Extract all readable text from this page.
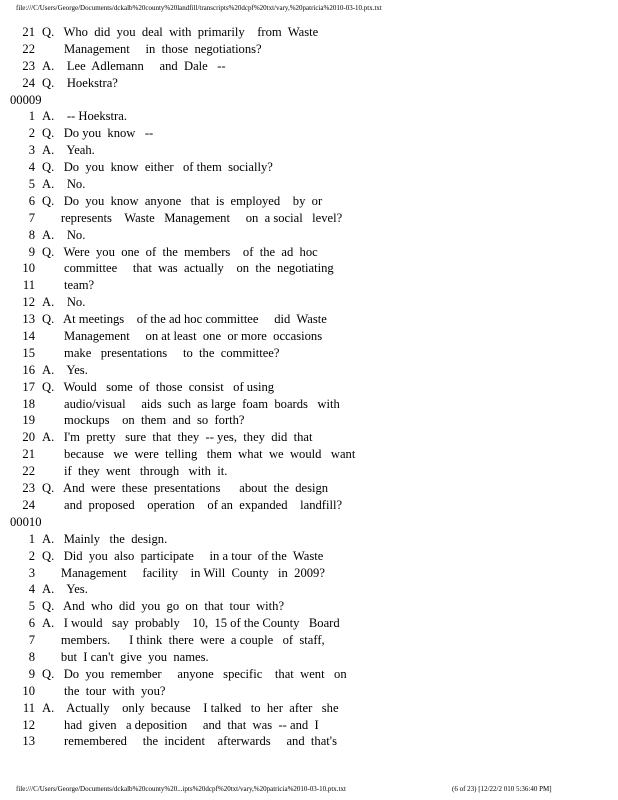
file:///C/Users/George/Documents/dckalb%20county%20landfill/transcripts%20dcpf%20txt/vary,%20patricia%2010-03-10.ptx.txt
21 Q.   Who  did  you  deal  with  primarily    from  Waste
22 Management     in  those  negotiations?
23 A.    Lee  Adlemann     and  Dale   --
24 Q.    Hoekstra?
00009
1 A.    -- Hoekstra.
2 Q.   Do you  know   --
3 A.    Yeah.
4 Q.   Do  you  know  either   of them  socially?
5 A.    No.
6 Q.   Do  you  know  anyone   that  is  employed    by  or
7 represents    Waste   Management     on  a social   level?
8 A.    No.
9 Q.   Were  you  one  of  the  members    of  the  ad  hoc
10 committee     that  was  actually    on  the  negotiating
11 team?
12 A.    No.
13 Q.   At meetings    of the ad hoc committee     did  Waste
14 Management     on at least  one  or more  occasions
15 make   presentations     to  the  committee?
16 A.    Yes.
17 Q.   Would   some  of  those  consist   of using
18 audio/visual     aids  such  as large  foam  boards   with
19 mockups    on  them  and  so  forth?
20 A.   I'm  pretty   sure  that  they  -- yes,  they  did  that
21 because   we  were  telling   them  what  we  would   want
22 if  they  went   through   with  it.
23 Q.   And  were  these  presentations      about  the  design
24 and  proposed    operation    of an  expanded    landfill?
00010
1 A.   Mainly   the  design.
2 Q.   Did  you  also  participate     in a tour  of the  Waste
3 Management     facility    in Will  County   in  2009?
4 A.    Yes.
5 Q.   And  who  did  you  go  on  that  tour  with?
6 A.   I would   say  probably    10,  15 of the County   Board
7 members.      I think  there  were  a couple   of  staff,
8 but  I can't  give  you  names.
9 Q.   Do  you  remember     anyone   specific    that  went   on
10 the  tour  with  you?
11 A.    Actually    only  because    I talked   to  her  after   she
12 had  given   a deposition     and  that  was  -- and  I
13 remembered     the  incident    afterwards     and  that's
file:///C/Users/George/Documents/dckalb%20county%20...ipts%20dcpf%20txt/vary,%20patricia%2010-03-10.ptx.txt	(6 of 23) [12/22/2 010 5:36:40 PM]
